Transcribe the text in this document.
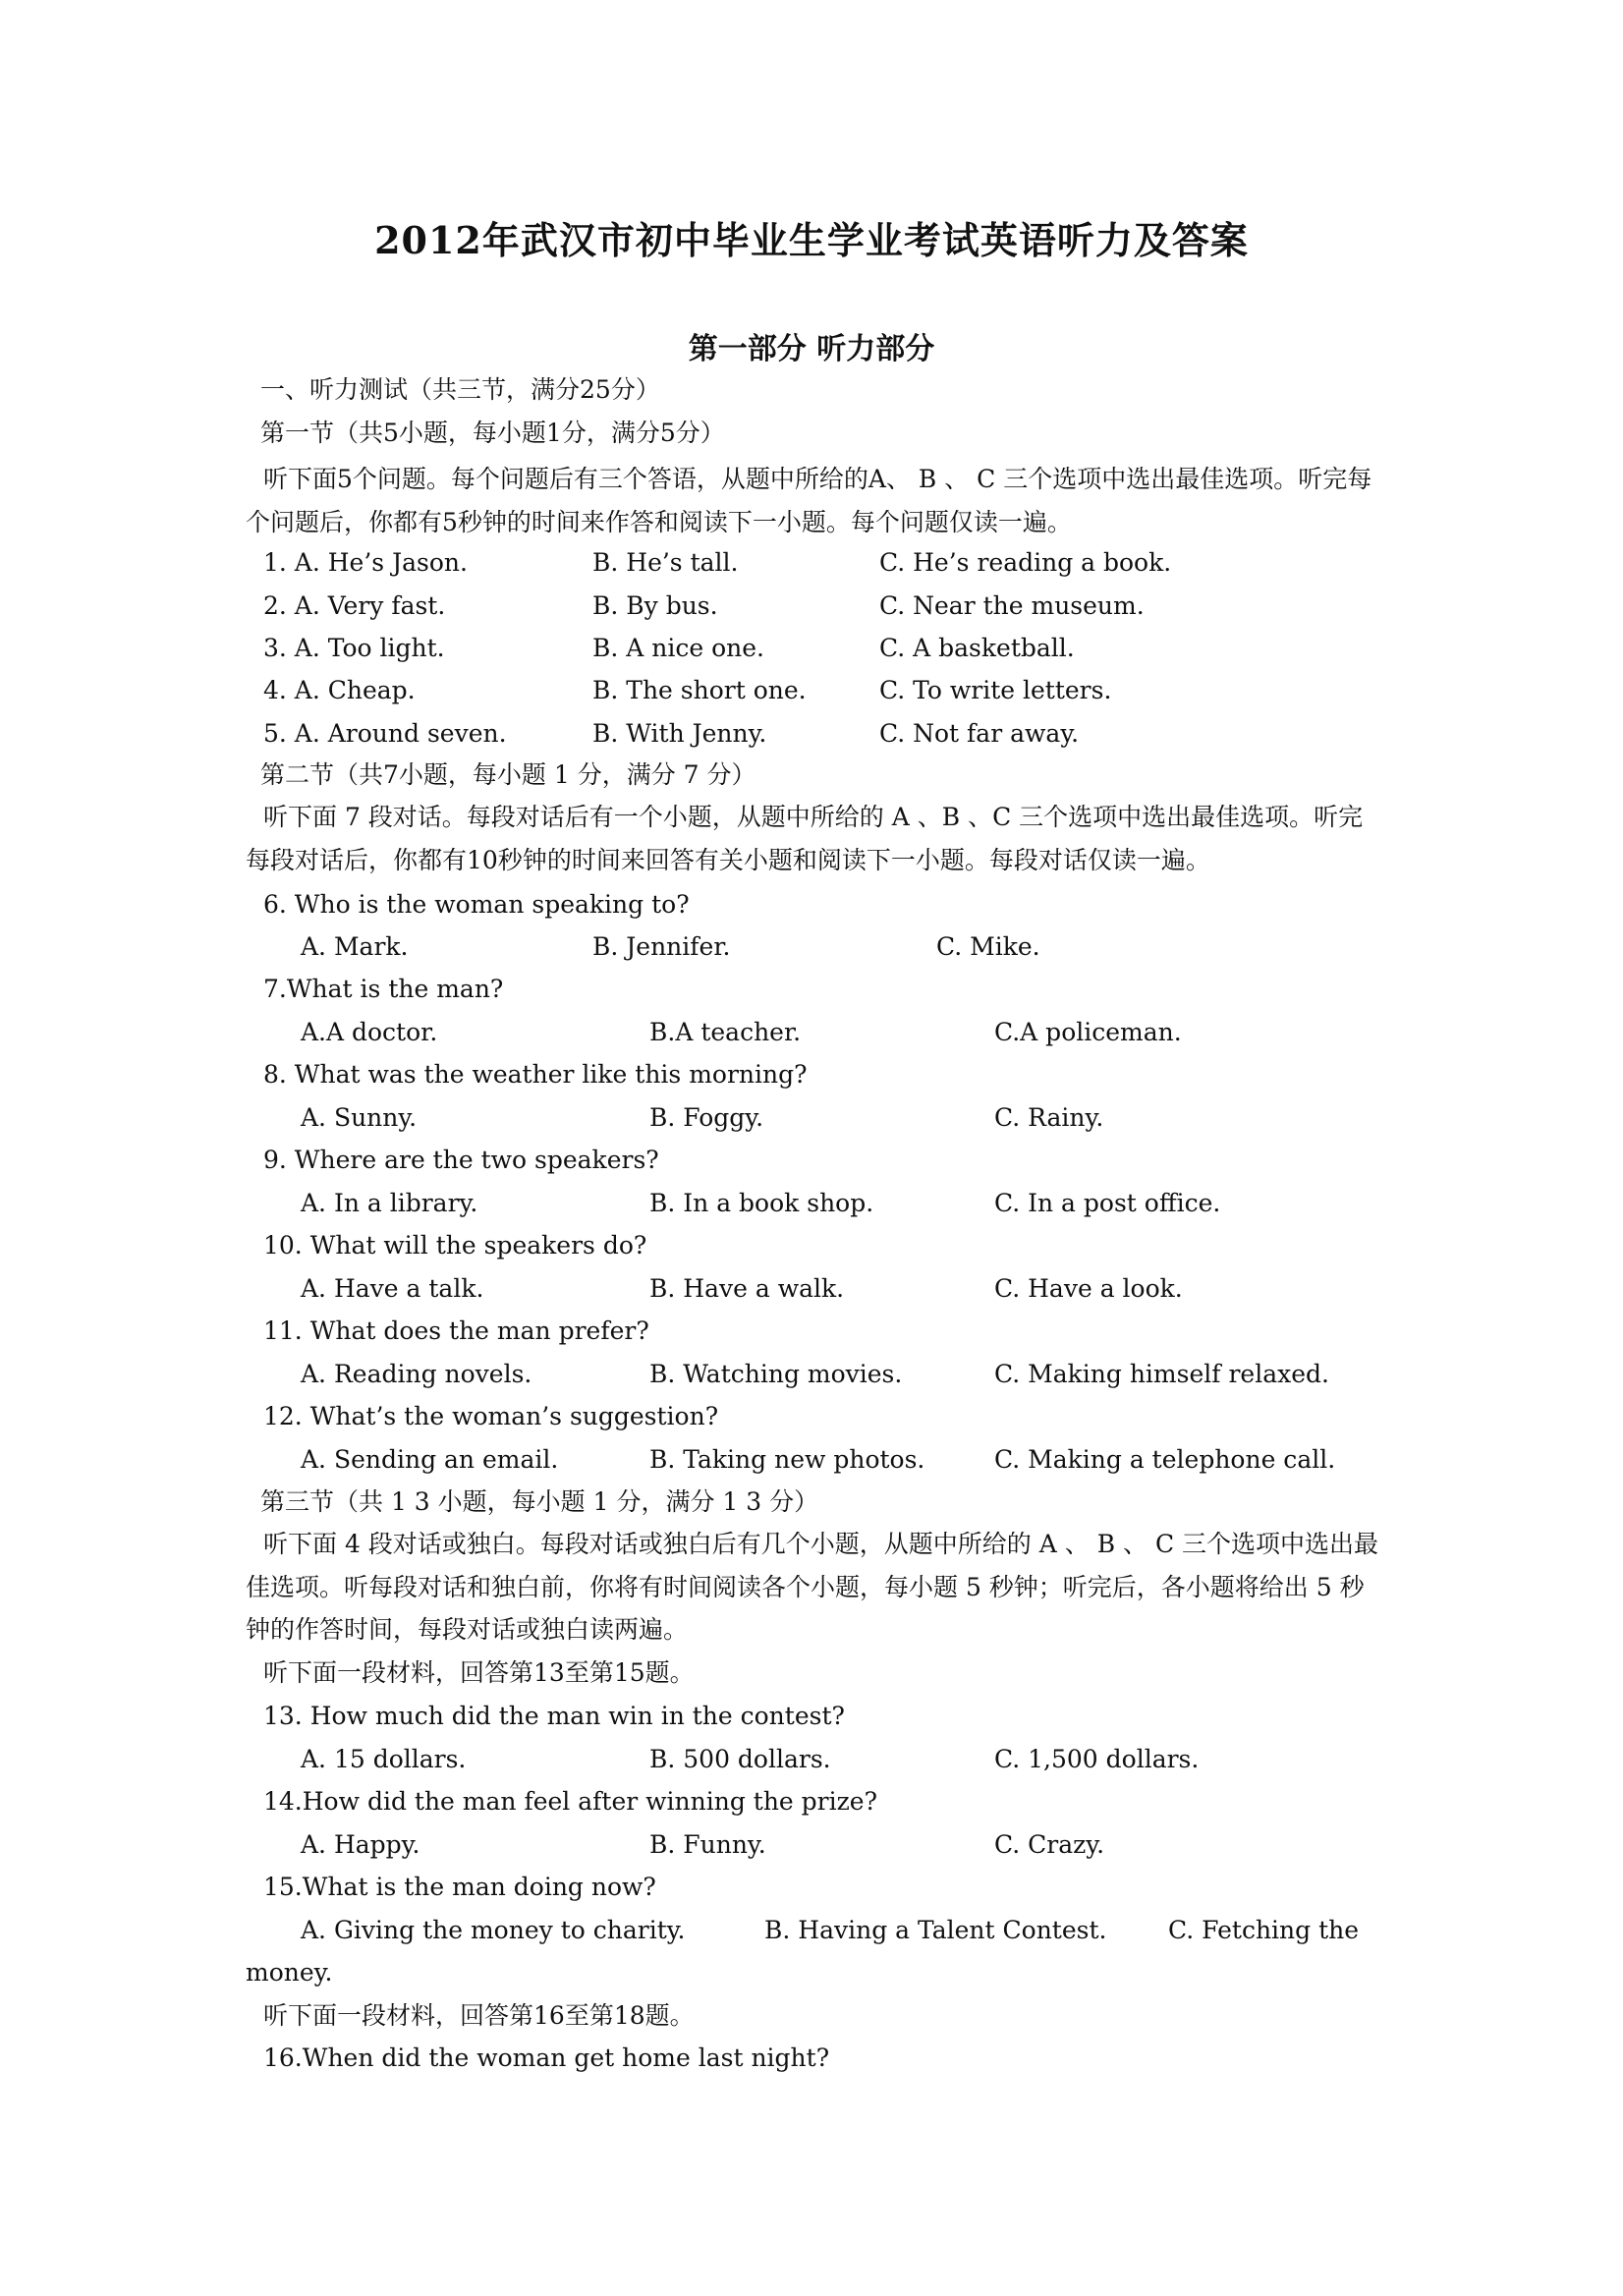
2012年武汉市初中毕业生学业考试英语听力及答案
第一部分 听力部分
一、听力测试（共三节，满分25分）
第一节（共5小题，每小题1分，满分5分）
听下面5个问题。每个问题后有三个答语，从题中所给的A、 B 、 C 三个选项中选出最佳选项。听完每个问题后，你都有5秒钟的时间来作答和阅读下一小题。每个问题仅读一遍。
1. A. He’s Jason.	B. He’s tall.	C. He’s reading a book.
2. A. Very fast.	B. By bus.	C. Near the museum.
3. A. Too light.	B. A nice one.	C. A basketball.
4. A. Cheap.	B. The short one.	C. To write letters.
5. A. Around seven.	B. With Jenny.	C. Not far away.
第二节（共7小题，每小题 1 分，满分 7 分）
听下面 7 段对话。每段对话后有一个小题，从题中所给的 A 、B 、C 三个选项中选出最佳选项。听完每段对话后，你都有10秒钟的时间来回答有关小题和阅读下一小题。每段对话仅读一遍。
6. Who is the woman speaking to?
A. Mark.	B. Jennifer.	C. Mike.
7.What is the man?
A.A doctor.	B.A teacher.	C.A policeman.
8. What was the weather like this morning?
A. Sunny.	B. Foggy.	C. Rainy.
9. Where are the two speakers?
A. In a library.	B. In a book shop.	C. In a post office.
10. What will the speakers do?
A. Have a talk.	B. Have a walk.	C. Have a look.
11. What does the man prefer?
A. Reading novels.	B. Watching movies.	C. Making himself relaxed.
12. What’s the woman’s suggestion?
A. Sending an email.	B. Taking new photos.	C. Making a telephone call.
第三节（共 1 3 小题，每小题 1 分，满分 1 3 分）
听下面 4 段对话或独白。每段对话或独白后有几个小题，从题中所给的 A 、 B 、 C 三个选项中选出最佳选项。听每段对话和独白前，你将有时间阅读各个小题，每小题 5 秒钟；听完后，各小题将给出 5 秒钟的作答时间，每段对话或独白读两遍。
听下面一段材料，回答第13至第15题。
13. How much did the man win in the contest?
A. 15 dollars.	B. 500 dollars.	C. 1,500 dollars.
14.How did the man feel after winning the prize?
A. Happy.	B. Funny.	C. Crazy.
15.What is the man doing now?
A. Giving the money to charity.	B. Having a Talent Contest.	C. Fetching the
money.
听下面一段材料，回答第16至第18题。
16.When did the woman get home last night?
